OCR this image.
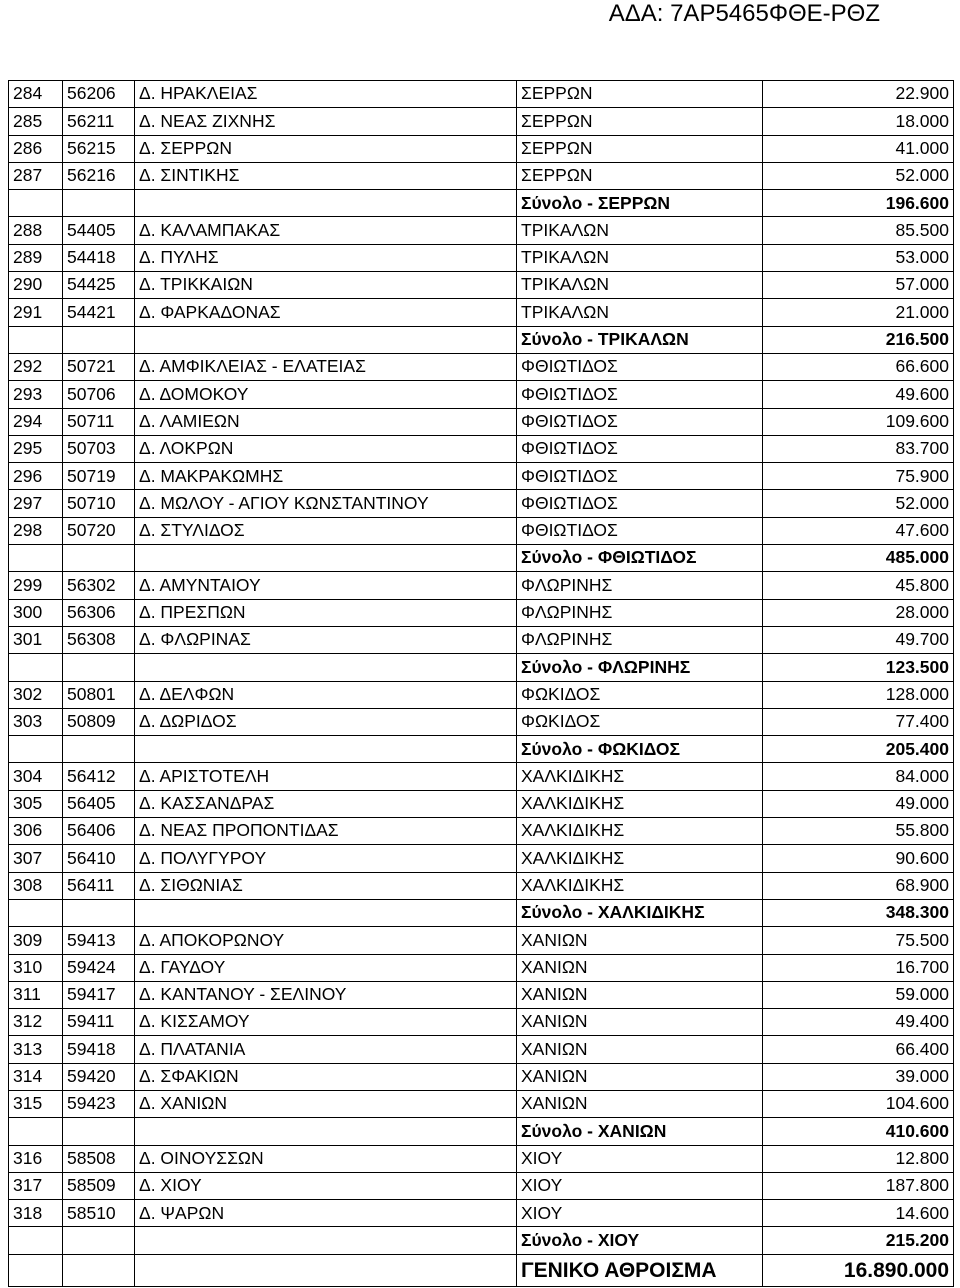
ΑΔΑ: 7ΑΡ5465ΦΘΕ-ΡΘΖ
284	56206	Δ. ΗΡΑΚΛΕΙΑΣ	ΣΕΡΡΩΝ	22.900
285	56211	Δ. ΝΕΑΣ ΖΙΧΝΗΣ	ΣΕΡΡΩΝ	18.000
286	56215	Δ. ΣΕΡΡΩΝ	ΣΕΡΡΩΝ	41.000
287	56216	Δ. ΣΙΝΤΙΚΗΣ	ΣΕΡΡΩΝ	52.000
			Σύνολο - ΣΕΡΡΩΝ	196.600
288	54405	Δ. ΚΑΛΑΜΠΑΚΑΣ	ΤΡΙΚΑΛΩΝ	85.500
289	54418	Δ. ΠΥΛΗΣ	ΤΡΙΚΑΛΩΝ	53.000
290	54425	Δ. ΤΡΙΚΚΑΙΩΝ	ΤΡΙΚΑΛΩΝ	57.000
291	54421	Δ. ΦΑΡΚΑΔΟΝΑΣ	ΤΡΙΚΑΛΩΝ	21.000
			Σύνολο - ΤΡΙΚΑΛΩΝ	216.500
292	50721	Δ. ΑΜΦΙΚΛΕΙΑΣ - ΕΛΑΤΕΙΑΣ	ΦΘΙΩΤΙΔΟΣ	66.600
293	50706	Δ. ΔΟΜΟΚΟΥ	ΦΘΙΩΤΙΔΟΣ	49.600
294	50711	Δ. ΛΑΜΙΕΩΝ	ΦΘΙΩΤΙΔΟΣ	109.600
295	50703	Δ. ΛΟΚΡΩΝ	ΦΘΙΩΤΙΔΟΣ	83.700
296	50719	Δ. ΜΑΚΡΑΚΩΜΗΣ	ΦΘΙΩΤΙΔΟΣ	75.900
297	50710	Δ. ΜΩΛΟΥ - ΑΓΙΟΥ ΚΩΝΣΤΑΝΤΙΝΟΥ	ΦΘΙΩΤΙΔΟΣ	52.000
298	50720	Δ. ΣΤΥΛΙΔΟΣ	ΦΘΙΩΤΙΔΟΣ	47.600
			Σύνολο - ΦΘΙΩΤΙΔΟΣ	485.000
299	56302	Δ. ΑΜΥΝΤΑΙΟΥ	ΦΛΩΡΙΝΗΣ	45.800
300	56306	Δ. ΠΡΕΣΠΩΝ	ΦΛΩΡΙΝΗΣ	28.000
301	56308	Δ. ΦΛΩΡΙΝΑΣ	ΦΛΩΡΙΝΗΣ	49.700
			Σύνολο - ΦΛΩΡΙΝΗΣ	123.500
302	50801	Δ. ΔΕΛΦΩΝ	ΦΩΚΙΔΟΣ	128.000
303	50809	Δ. ΔΩΡΙΔΟΣ	ΦΩΚΙΔΟΣ	77.400
			Σύνολο - ΦΩΚΙΔΟΣ	205.400
304	56412	Δ. ΑΡΙΣΤΟΤΕΛΗ	ΧΑΛΚΙΔΙΚΗΣ	84.000
305	56405	Δ. ΚΑΣΣΑΝΔΡΑΣ	ΧΑΛΚΙΔΙΚΗΣ	49.000
306	56406	Δ. ΝΕΑΣ ΠΡΟΠΟΝΤΙΔΑΣ	ΧΑΛΚΙΔΙΚΗΣ	55.800
307	56410	Δ. ΠΟΛΥΓΥΡΟΥ	ΧΑΛΚΙΔΙΚΗΣ	90.600
308	56411	Δ. ΣΙΘΩΝΙΑΣ	ΧΑΛΚΙΔΙΚΗΣ	68.900
			Σύνολο - ΧΑΛΚΙΔΙΚΗΣ	348.300
309	59413	Δ. ΑΠΟΚΟΡΩΝΟΥ	ΧΑΝΙΩΝ	75.500
310	59424	Δ. ΓΑΥΔΟΥ	ΧΑΝΙΩΝ	16.700
311	59417	Δ. ΚΑΝΤΑΝΟΥ - ΣΕΛΙΝΟΥ	ΧΑΝΙΩΝ	59.000
312	59411	Δ. ΚΙΣΣΑΜΟΥ	ΧΑΝΙΩΝ	49.400
313	59418	Δ. ΠΛΑΤΑΝΙΑ	ΧΑΝΙΩΝ	66.400
314	59420	Δ. ΣΦΑΚΙΩΝ	ΧΑΝΙΩΝ	39.000
315	59423	Δ. ΧΑΝΙΩΝ	ΧΑΝΙΩΝ	104.600
			Σύνολο - ΧΑΝΙΩΝ	410.600
316	58508	Δ. ΟΙΝΟΥΣΣΩΝ	ΧΙΟΥ	12.800
317	58509	Δ. ΧΙΟΥ	ΧΙΟΥ	187.800
318	58510	Δ. ΨΑΡΩΝ	ΧΙΟΥ	14.600
			Σύνολο - ΧΙΟΥ	215.200
			ΓΕΝΙΚΟ ΑΘΡΟΙΣΜΑ	16.890.000
